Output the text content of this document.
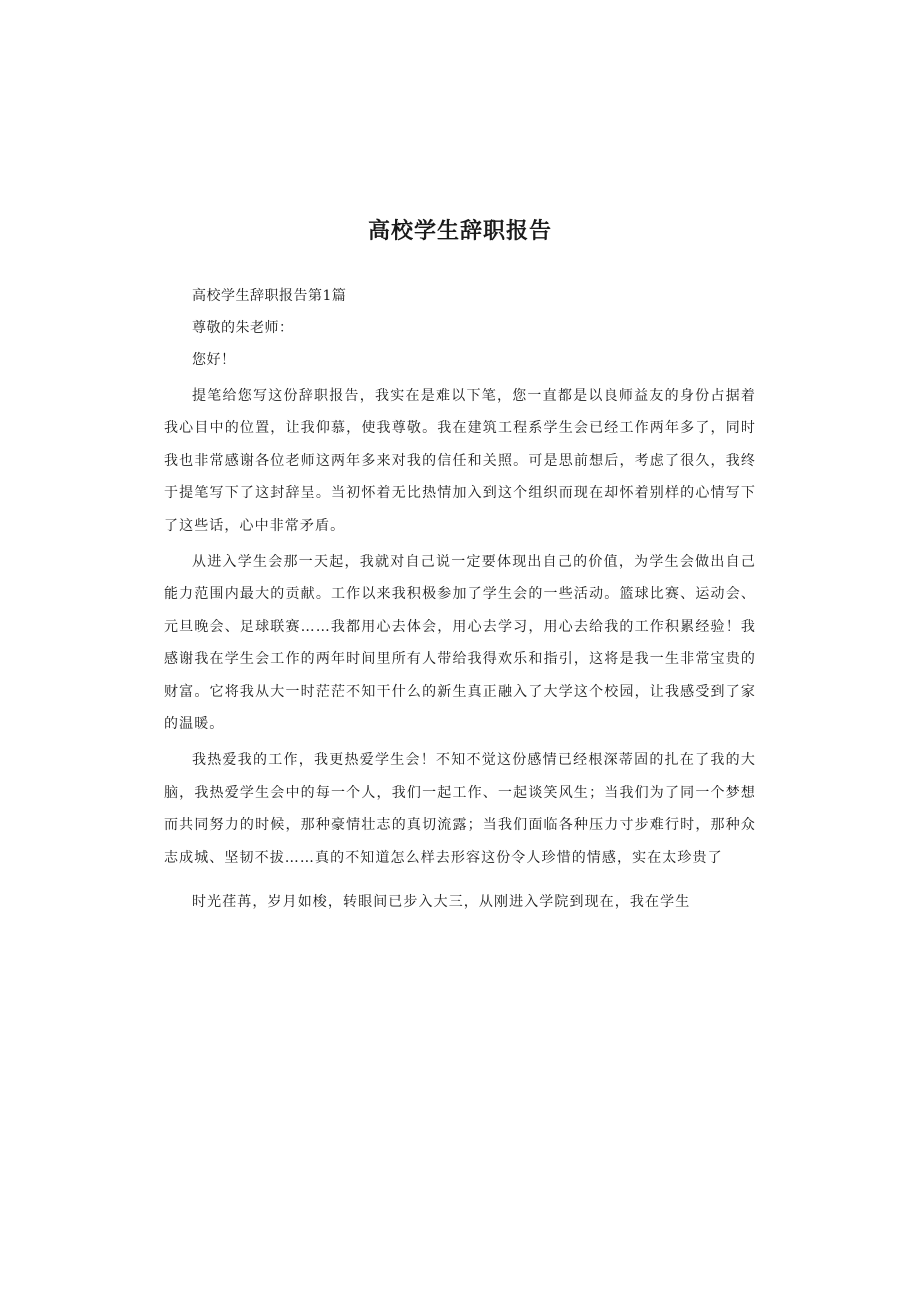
高校学生辞职报告

高校学生辞职报告第1篇

尊敬的朱老师：

您好！

提笔给您写这份辞职报告，我实在是难以下笔，您一直都是以良师益友的身份占据着我心目中的位置，让我仰慕，使我尊敬。我在建筑工程系学生会已经工作两年多了，同时我也非常感谢各位老师这两年多来对我的信任和关照。可是思前想后，考虑了很久，我终于提笔写下了这封辞呈。当初怀着无比热情加入到这个组织而现在却怀着别样的心情写下了这些话，心中非常矛盾。

从进入学生会那一天起，我就对自己说一定要体现出自己的价值，为学生会做出自己能力范围内最大的贡献。工作以来我积极参加了学生会的一些活动。篮球比赛、运动会、元旦晚会、足球联赛……我都用心去体会，用心去学习，用心去给我的工作积累经验！我感谢我在学生会工作的两年时间里所有人带给我得欢乐和指引，这将是我一生非常宝贵的财富。它将我从大一时茫茫不知干什么的新生真正融入了大学这个校园，让我感受到了家的温暖。

我热爱我的工作，我更热爱学生会！不知不觉这份感情已经根深蒂固的扎在了我的大脑，我热爱学生会中的每一个人，我们一起工作、一起谈笑风生；当我们为了同一个梦想而共同努力的时候，那种豪情壮志的真切流露；当我们面临各种压力寸步难行时，那种众志成城、坚韧不拔……真的不知道怎么样去形容这份令人珍惜的情感，实在太珍贵了

时光荏苒，岁月如梭，转眼间已步入大三，从刚进入学院到现在，我在学生
